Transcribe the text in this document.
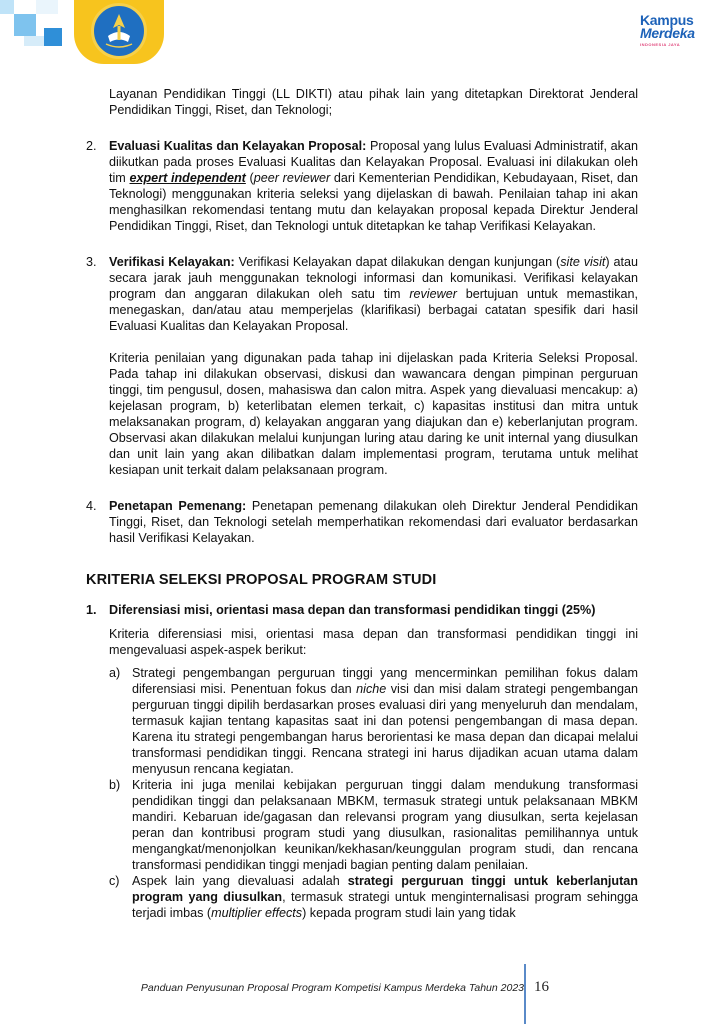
Kampus
Merdeka
INDONESIA JAYA

Layanan Pendidikan Tinggi (LL DIKTI) atau pihak lain yang ditetapkan Direktorat Jenderal Pendidikan Tinggi, Riset, dan Teknologi;

2. Evaluasi Kualitas dan Kelayakan Proposal: Proposal yang lulus Evaluasi Administratif, akan diikutkan pada proses Evaluasi Kualitas dan Kelayakan Proposal. Evaluasi ini dilakukan oleh tim expert independent (peer reviewer dari Kementerian Pendidikan, Kebudayaan, Riset, dan Teknologi) menggunakan kriteria seleksi yang dijelaskan di bawah. Penilaian tahap ini akan menghasilkan rekomendasi tentang mutu dan kelayakan proposal kepada Direktur Jenderal Pendidikan Tinggi, Riset, dan Teknologi untuk ditetapkan ke tahap Verifikasi Kelayakan.

3. Verifikasi Kelayakan: Verifikasi Kelayakan dapat dilakukan dengan kunjungan (site visit) atau secara jarak jauh menggunakan teknologi informasi dan komunikasi. Verifikasi kelayakan program dan anggaran dilakukan oleh satu tim reviewer bertujuan untuk memastikan, menegaskan, dan/atau atau memperjelas (klarifikasi) berbagai catatan spesifik dari hasil Evaluasi Kualitas dan Kelayakan Proposal.

Kriteria penilaian yang digunakan pada tahap ini dijelaskan pada Kriteria Seleksi Proposal. Pada tahap ini dilakukan observasi, diskusi dan wawancara dengan pimpinan perguruan tinggi, tim pengusul, dosen, mahasiswa dan calon mitra. Aspek yang dievaluasi mencakup: a) kejelasan program, b) keterlibatan elemen terkait, c) kapasitas institusi dan mitra untuk melaksanakan program, d) kelayakan anggaran yang diajukan dan e) keberlanjutan program. Observasi akan dilakukan melalui kunjungan luring atau daring ke unit internal yang diusulkan dan unit lain yang akan dilibatkan dalam implementasi program, terutama untuk melihat kesiapan unit terkait dalam pelaksanaan program.

4. Penetapan Pemenang: Penetapan pemenang dilakukan oleh Direktur Jenderal Pendidikan Tinggi, Riset, dan Teknologi setelah memperhatikan rekomendasi dari evaluator berdasarkan hasil Verifikasi Kelayakan.

KRITERIA SELEKSI PROPOSAL PROGRAM STUDI
1. Diferensiasi misi, orientasi masa depan dan transformasi pendidikan tinggi (25%)

Kriteria diferensiasi misi, orientasi masa depan dan transformasi pendidikan tinggi ini mengevaluasi aspek-aspek berikut:

a) Strategi pengembangan perguruan tinggi yang mencerminkan pemilihan fokus dalam diferensiasi misi. Penentuan fokus dan niche visi dan misi dalam strategi pengembangan perguruan tinggi dipilih berdasarkan proses evaluasi diri yang menyeluruh dan mendalam, termasuk kajian tentang kapasitas saat ini dan potensi pengembangan di masa depan. Karena itu strategi pengembangan harus berorientasi ke masa depan dan dicapai melalui transformasi pendidikan tinggi. Rencana strategi ini harus dijadikan acuan utama dalam menyusun rencana kegiatan.

b) Kriteria ini juga menilai kebijakan perguruan tinggi dalam mendukung transformasi pendidikan tinggi dan pelaksanaan MBKM, termasuk strategi untuk pelaksanaan MBKM mandiri. Kebaruan ide/gagasan dan relevansi program yang diusulkan, serta kejelasan peran dan kontribusi program studi yang diusulkan, rasionalitas pemilihannya untuk mengangkat/menonjolkan keunikan/kekhasan/keunggulan program studi, dan rencana transformasi pendidikan tinggi menjadi bagian penting dalam penilaian.

c) Aspek lain yang dievaluasi adalah strategi perguruan tinggi untuk keberlanjutan program yang diusulkan, termasuk strategi untuk menginternalisasi program sehingga terjadi imbas (multiplier effects) kepada program studi lain yang tidak

Panduan Penyusunan Proposal Program Kompetisi Kampus Merdeka Tahun 2023 16
